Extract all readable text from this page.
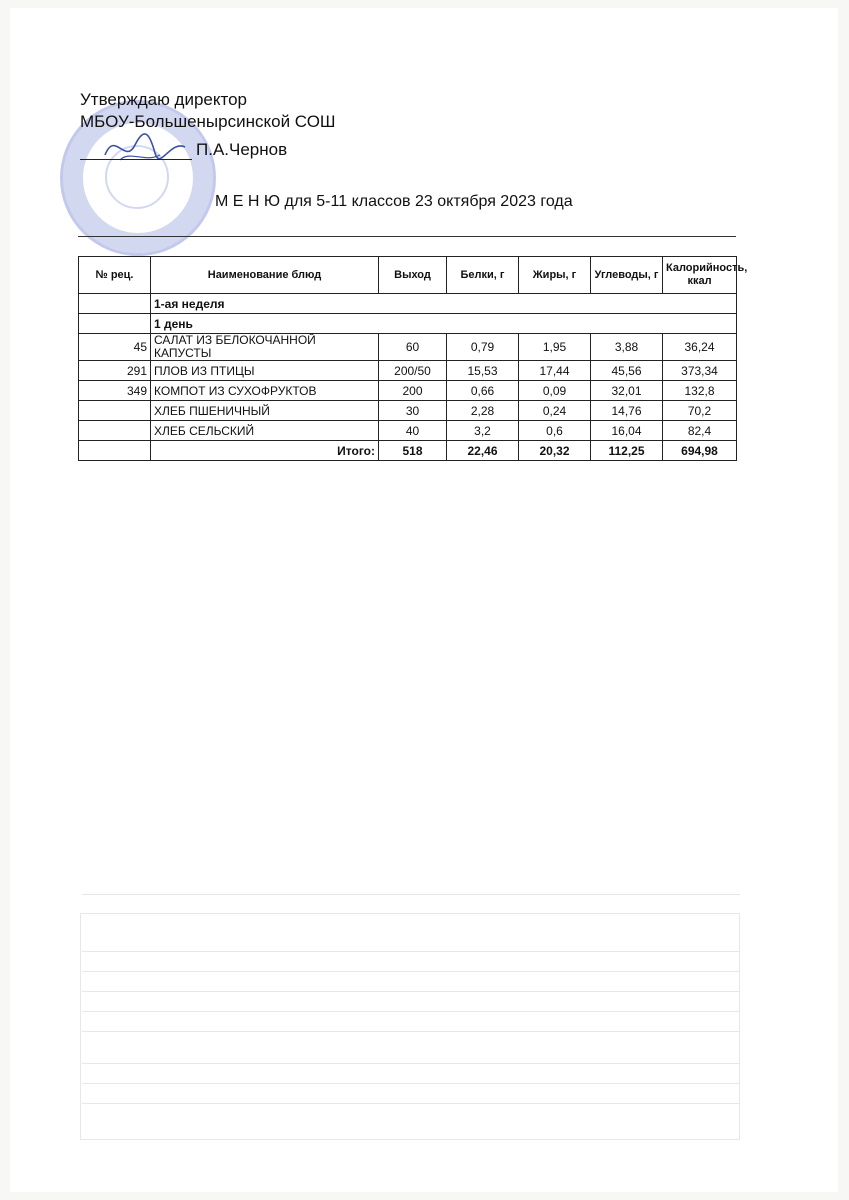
Утверждаю директор
МБОУ-Большенырсинской СОШ
П.А.Чернов
М Е Н Ю для 5-11 классов 23 октября 2023 года
№ рец.	Наименование блюд	Выход	Белки, г	Жиры, г	Углеводы, г	Калорийность, ккал
	1-ая неделя					
	1 день					
45	САЛАТ ИЗ БЕЛОКОЧАННОЙ КАПУСТЫ	60	0,79	1,95	3,88	36,24
291	ПЛОВ ИЗ ПТИЦЫ	200/50	15,53	17,44	45,56	373,34
349	КОМПОТ ИЗ СУХОФРУКТОВ	200	0,66	0,09	32,01	132,8
	ХЛЕБ ПШЕНИЧНЫЙ	30	2,28	0,24	14,76	70,2
	ХЛЕБ СЕЛЬСКИЙ	40	3,2	0,6	16,04	82,4
	Итого:	518	22,46	20,32	112,25	694,98
